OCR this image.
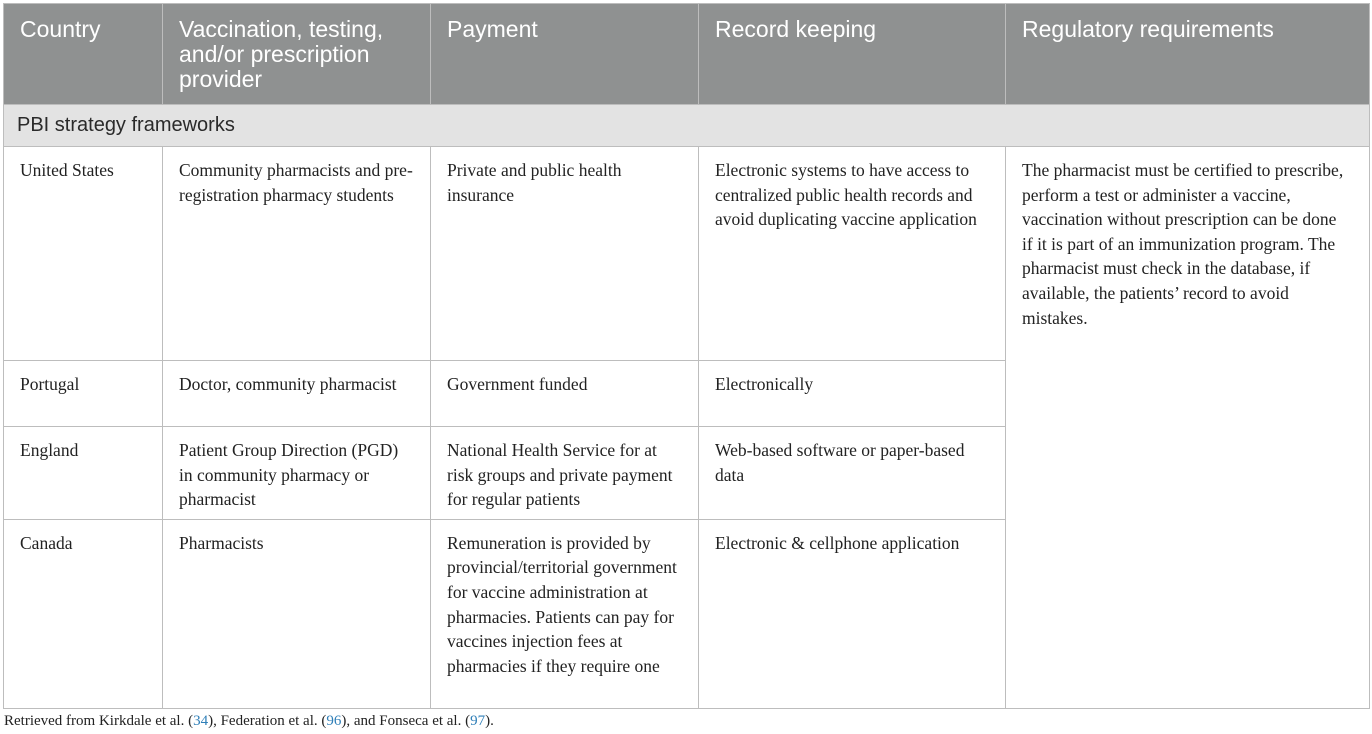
Country	Vaccination, testing, and/or prescription provider	Payment	Record keeping	Regulatory requirements
PBI strategy frameworks				
United States	Community pharmacists and pre-registration pharmacy students	Private and public health insurance	Electronic systems to have access to centralized public health records and avoid duplicating vaccine application	The pharmacist must be certified to prescribe, perform a test or administer a vaccine, vaccination without prescription can be done if it is part of an immunization program. The pharmacist must check in the database, if available, the patients’ record to avoid mistakes.
Portugal	Doctor, community pharmacist	Government funded	Electronically	
England	Patient Group Direction (PGD) in community pharmacy or pharmacist	National Health Service for at risk groups and private payment for regular patients	Web-based software or paper-based data	
Canada	Pharmacists	Remuneration is provided by provincial/territorial government for vaccine administration at pharmacies. Patients can pay for vaccines injection fees at pharmacies if they require one	Electronic & cellphone application	
Retrieved from Kirkdale et al. (34), Federation et al. (96), and Fonseca et al. (97).
